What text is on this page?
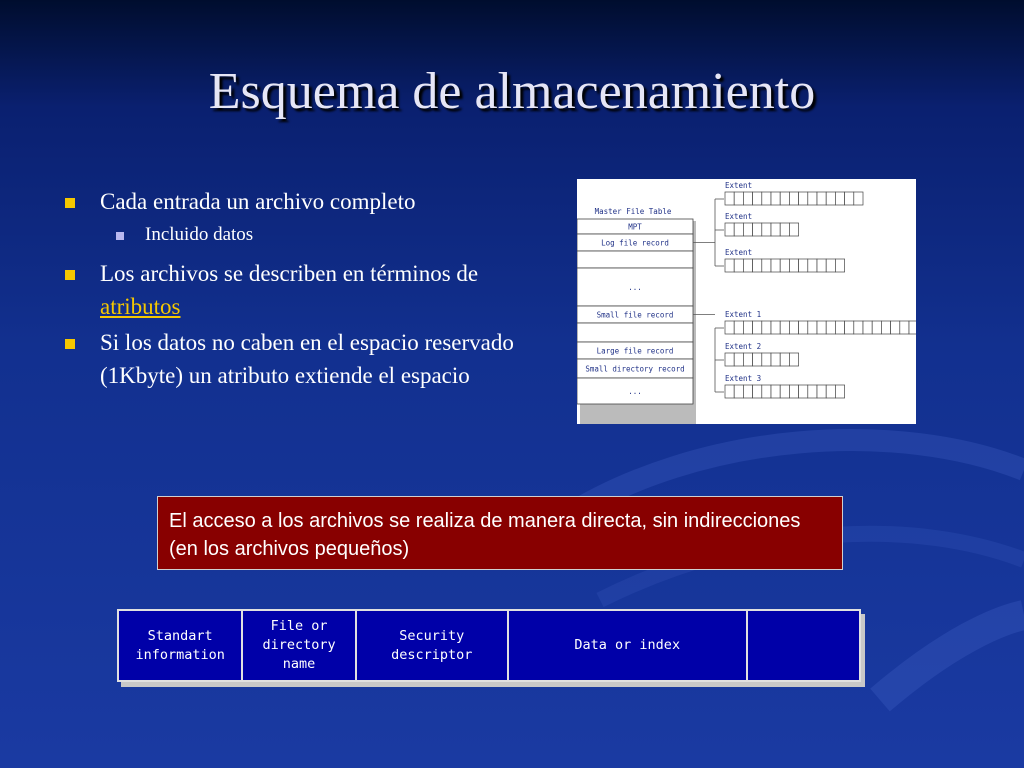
Esquema de almacenamiento
Cada entrada un archivo completo
Incluido datos
Los archivos se describen en términos de atributos
Si los datos no caben en el espacio reservado (1Kbyte) un atributo extiende el espacio
Master File Table
MPT
Log file record
...
Small file record
Large file record
Small directory record
...
Extent
Extent
Extent
Extent 1
Extent 2
Extent 3
El acceso a los archivos se realiza de manera directa, sin indirecciones (en los archivos pequeños)
Standart
information
File or
directory
name
Security
descriptor
Data or index
